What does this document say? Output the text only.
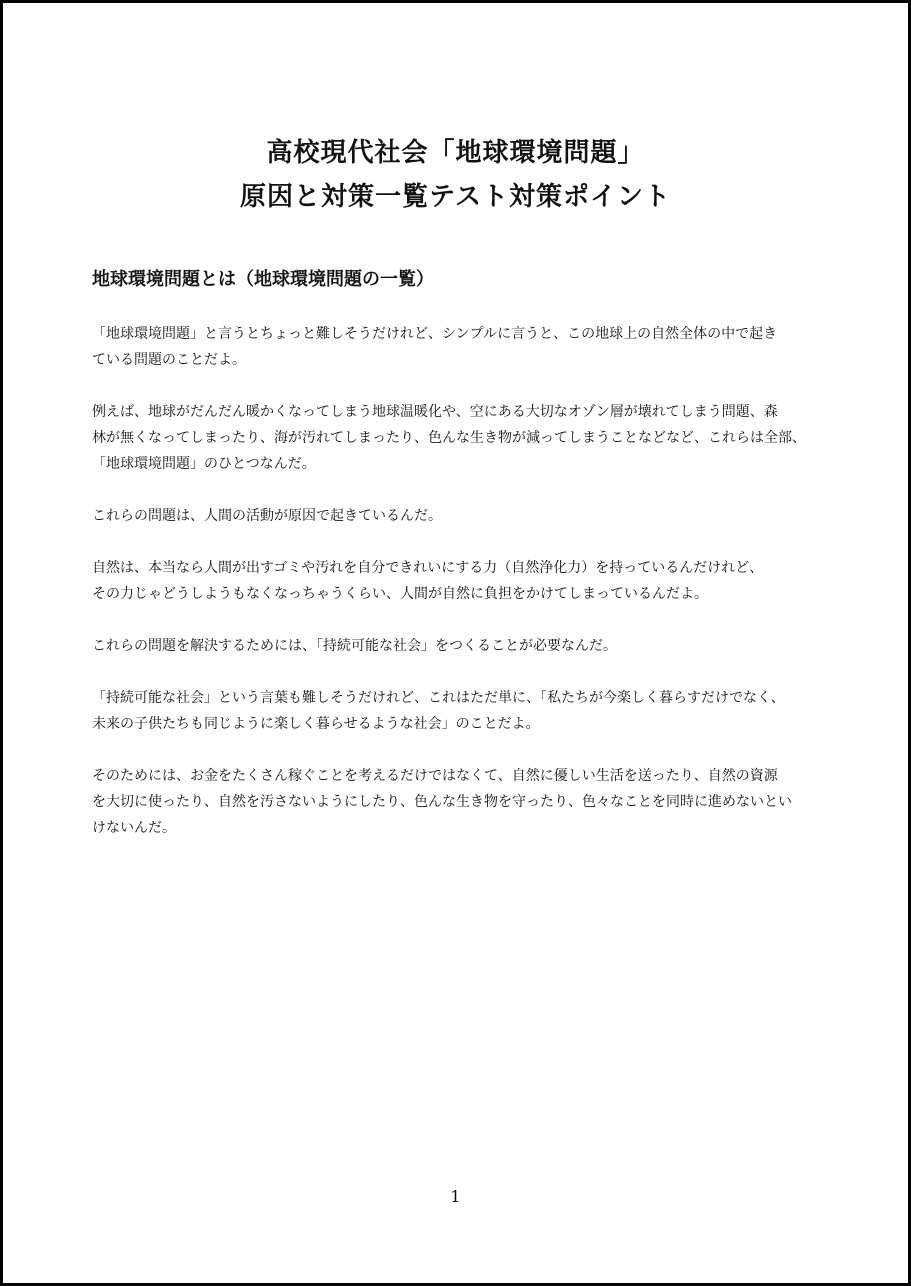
高校現代社会「地球環境問題」
原因と対策一覧テスト対策ポイント
地球環境問題とは（地球環境問題の一覧）
「地球環境問題」と言うとちょっと難しそうだけれど、シンプルに言うと、この地球上の自然全体の中で起き
ている問題のことだよ。
例えば、地球がだんだん暖かくなってしまう地球温暖化や、空にある大切なオゾン層が壊れてしまう問題、森
林が無くなってしまったり、海が汚れてしまったり、色んな生き物が減ってしまうことなどなど、これらは全部、
「地球環境問題」のひとつなんだ。
これらの問題は、人間の活動が原因で起きているんだ。
自然は、本当なら人間が出すゴミや汚れを自分できれいにする力（自然浄化力）を持っているんだけれど、
その力じゃどうしようもなくなっちゃうくらい、人間が自然に負担をかけてしまっているんだよ。
これらの問題を解決するためには、「持続可能な社会」をつくることが必要なんだ。
「持続可能な社会」という言葉も難しそうだけれど、これはただ単に、「私たちが今楽しく暮らすだけでなく、
未来の子供たちも同じように楽しく暮らせるような社会」のことだよ。
そのためには、お金をたくさん稼ぐことを考えるだけではなくて、自然に優しい生活を送ったり、自然の資源
を大切に使ったり、自然を汚さないようにしたり、色んな生き物を守ったり、色々なことを同時に進めないとい
けないんだ。
1
